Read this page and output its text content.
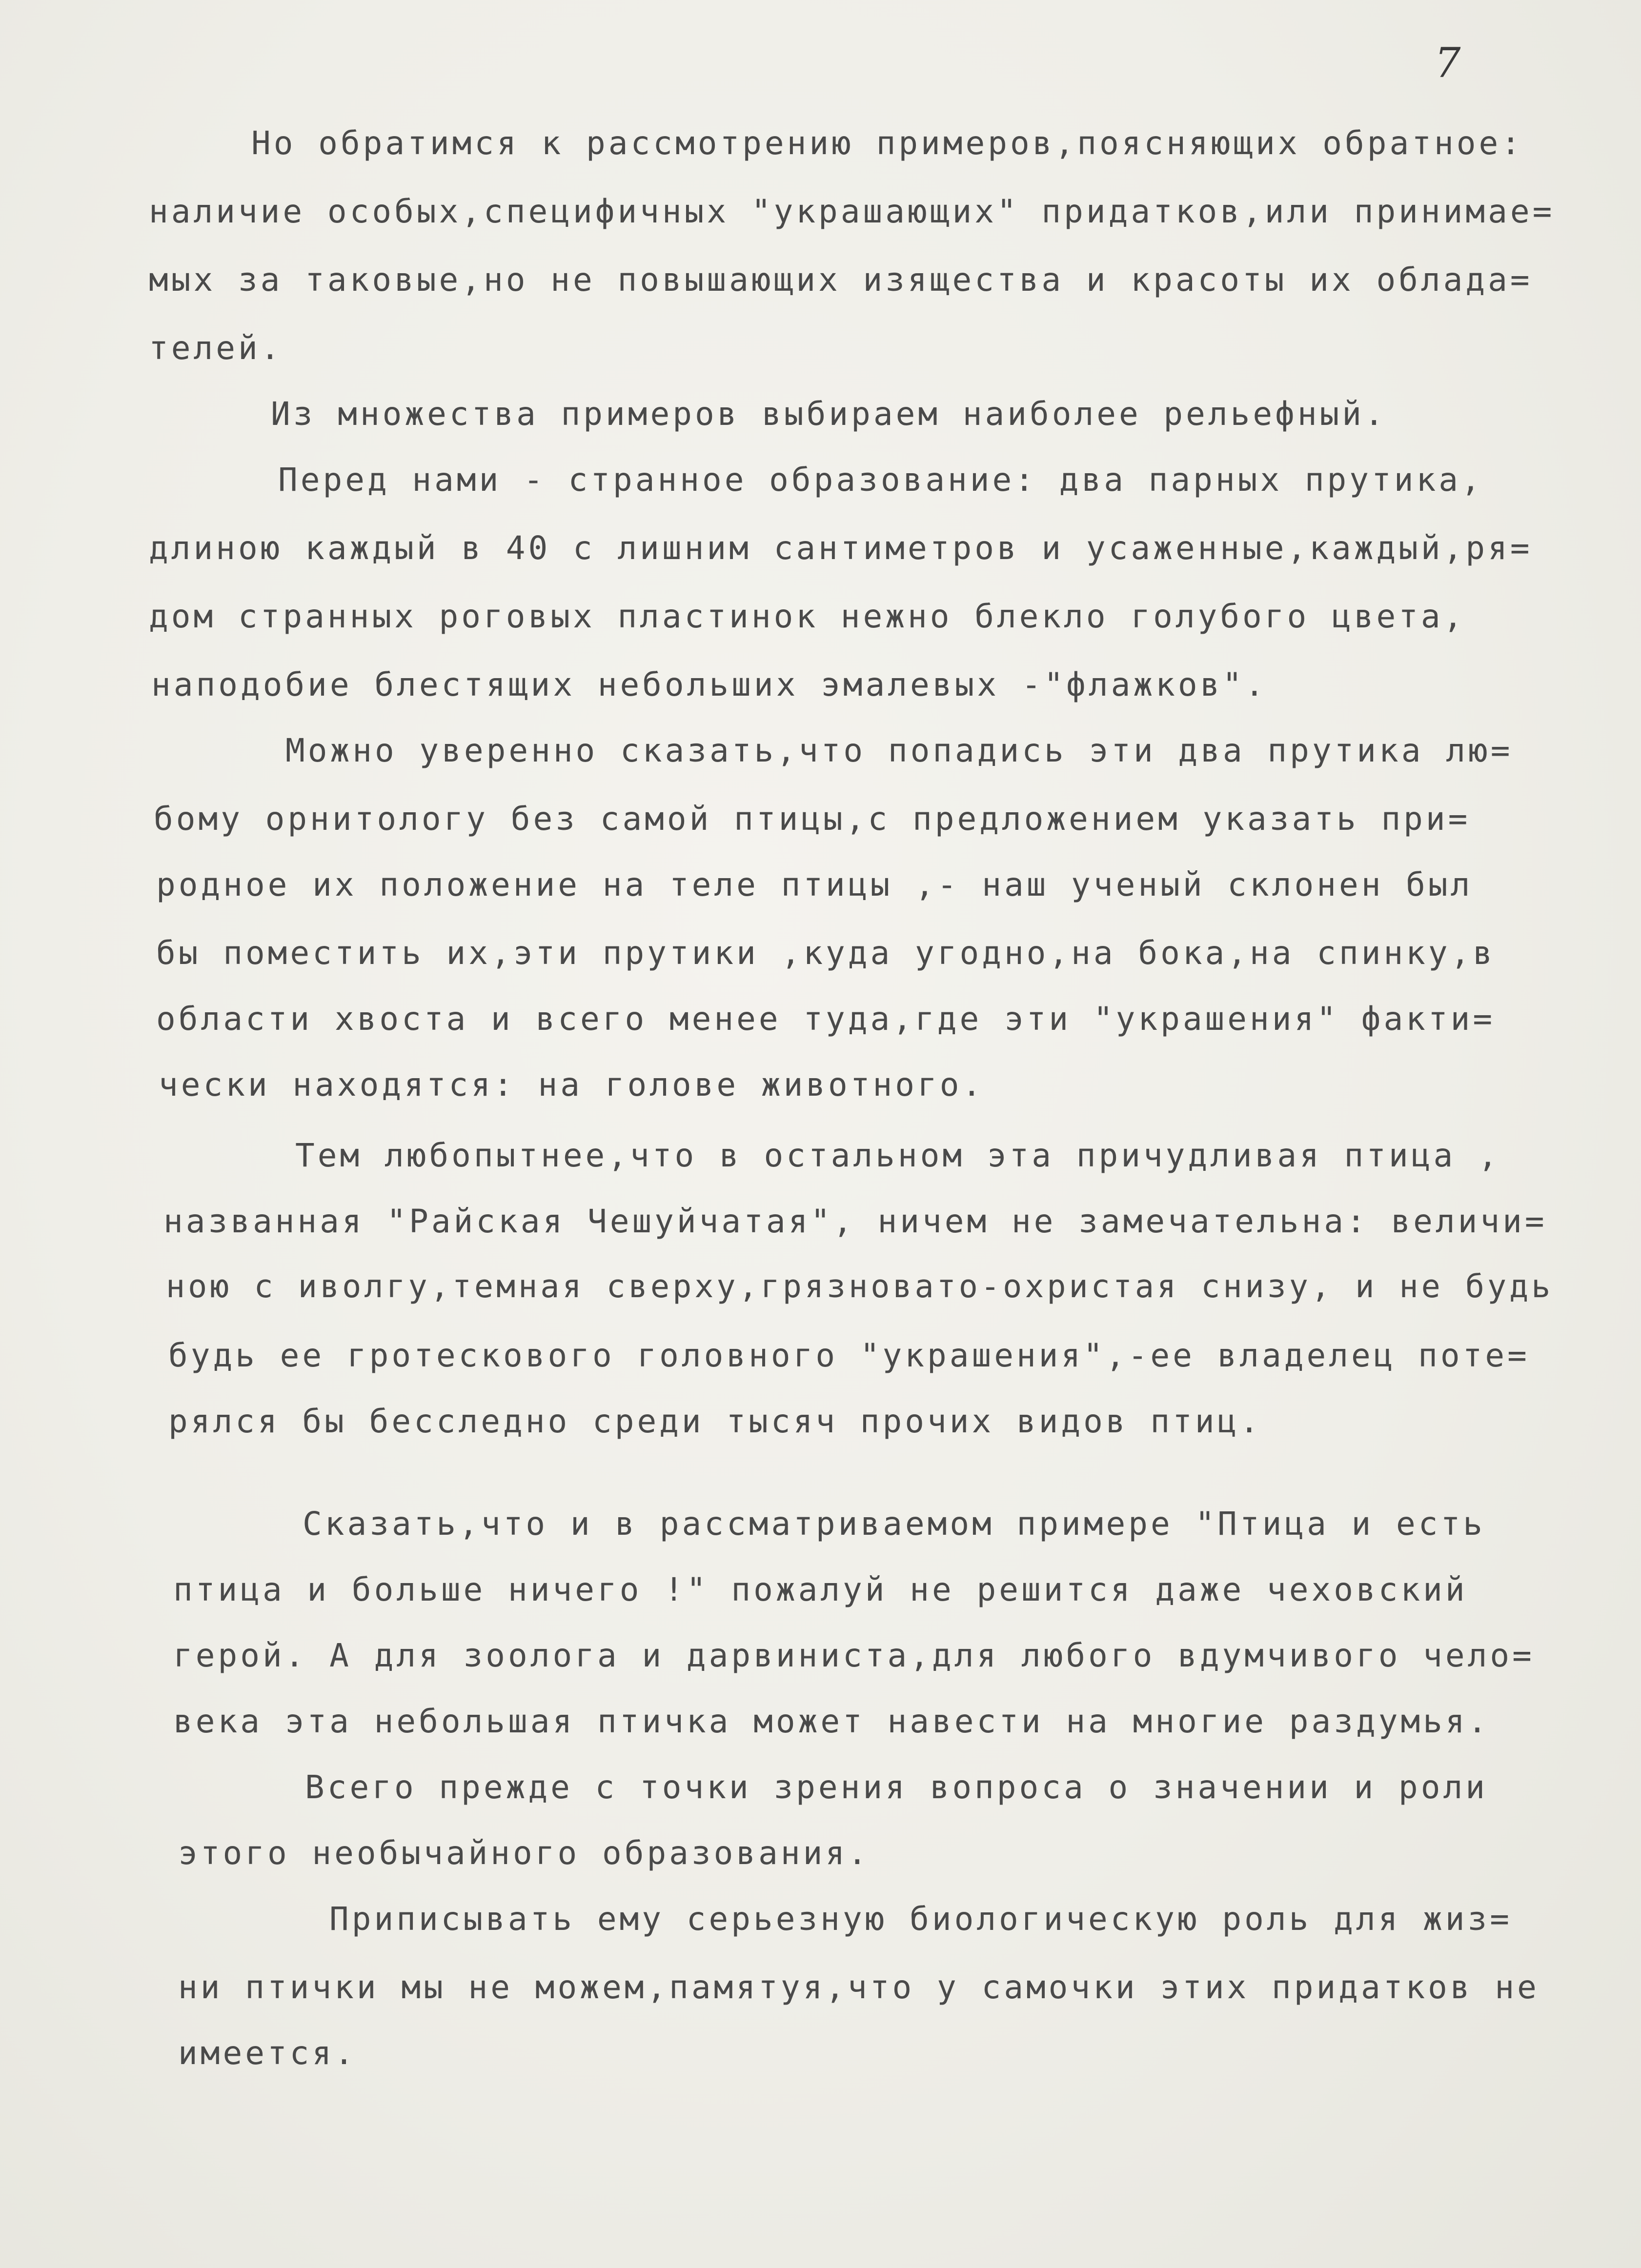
7
Но обратимся к рассмотрению примеров,поясняющих обратное:
наличие особых,специфичных "украшающих" придатков,или принимае=
мых за таковые,но не повышающих изящества и красоты их облада=
телей.
Из множества примеров выбираем наиболее рельефный.
Перед нами - странное образование: два парных прутика,
длиною каждый в 40 с лишним сантиметров и усаженные,каждый,ря=
дом странных роговых пластинок нежно блекло голубого цвета,
наподобие блестящих небольших эмалевых -"флажков".
Можно уверенно сказать,что попадись эти два прутика лю=
бому орнитологу без самой птицы,с предложением указать при=
родное их положение на теле птицы ,- наш ученый склонен был
бы поместить их,эти прутики ,куда угодно,на бока,на спинку,в
области хвоста и всего менее туда,где эти "украшения" факти=
чески находятся: на голове животного.
Тем любопытнее,что в остальном эта причудливая птица ,
названная "Райская Чешуйчатая", ничем не замечательна: величи=
ною с иволгу,темная сверху,грязновато-охристая снизу, и не будь
будь ее гротескового головного "украшения",-ее владелец поте=
рялся бы бесследно среди тысяч прочих видов птиц.
Сказать,что и в рассматриваемом примере "Птица и есть
птица и больше ничего !" пожалуй не решится даже чеховский
герой. А для зоолога и дарвиниста,для любого вдумчивого чело=
века эта небольшая птичка может навести на многие раздумья.
Всего прежде с точки зрения вопроса о значении и роли
этого необычайного образования.
Приписывать ему серьезную биологическую роль для жиз=
ни птички мы не можем,памятуя,что у самочки этих придатков не
имеется.
